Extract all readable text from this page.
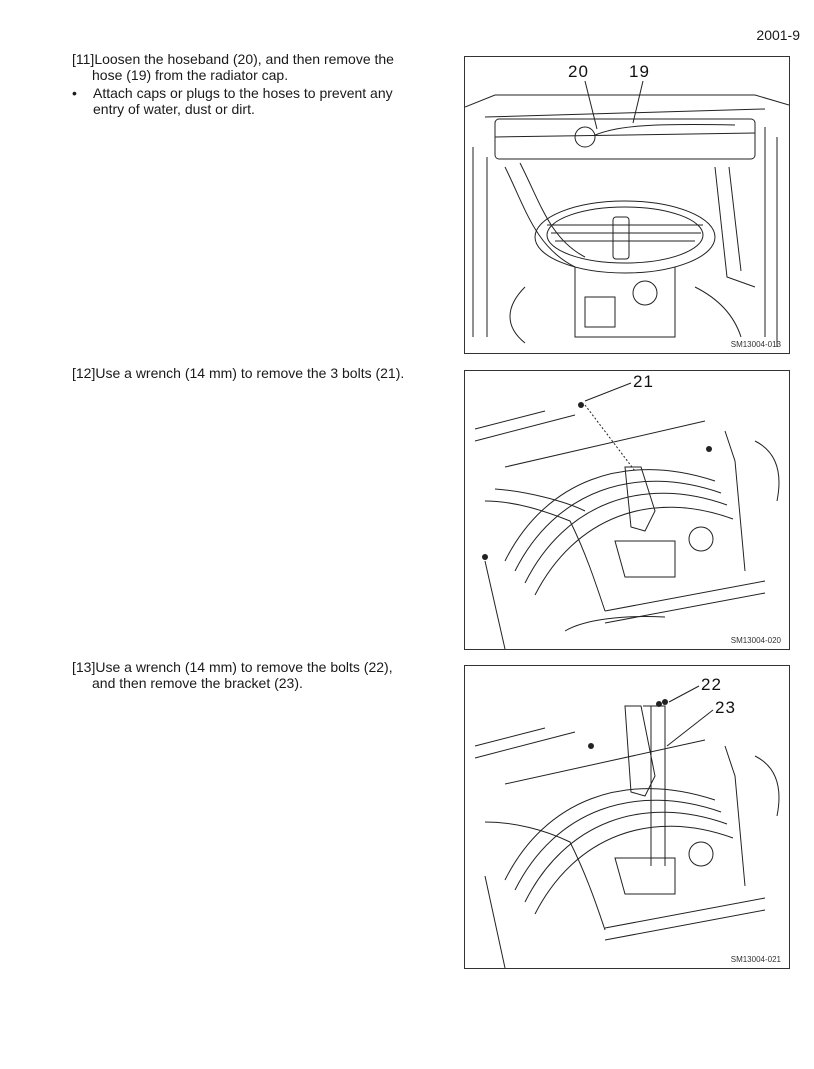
2001-9
[11]Loosen the hoseband (20), and then remove the
hose (19) from the radiator cap.
•	Attach caps or plugs to the hoses to prevent any
entry of water, dust or dirt.
[12]Use a wrench (14 mm) to remove the 3 bolts (21).
[13]Use a wrench (14 mm) to remove the bolts (22),
and then remove the bracket (23).
20 19
SM13004-013
21
SM13004-020
22
23
SM13004-021
